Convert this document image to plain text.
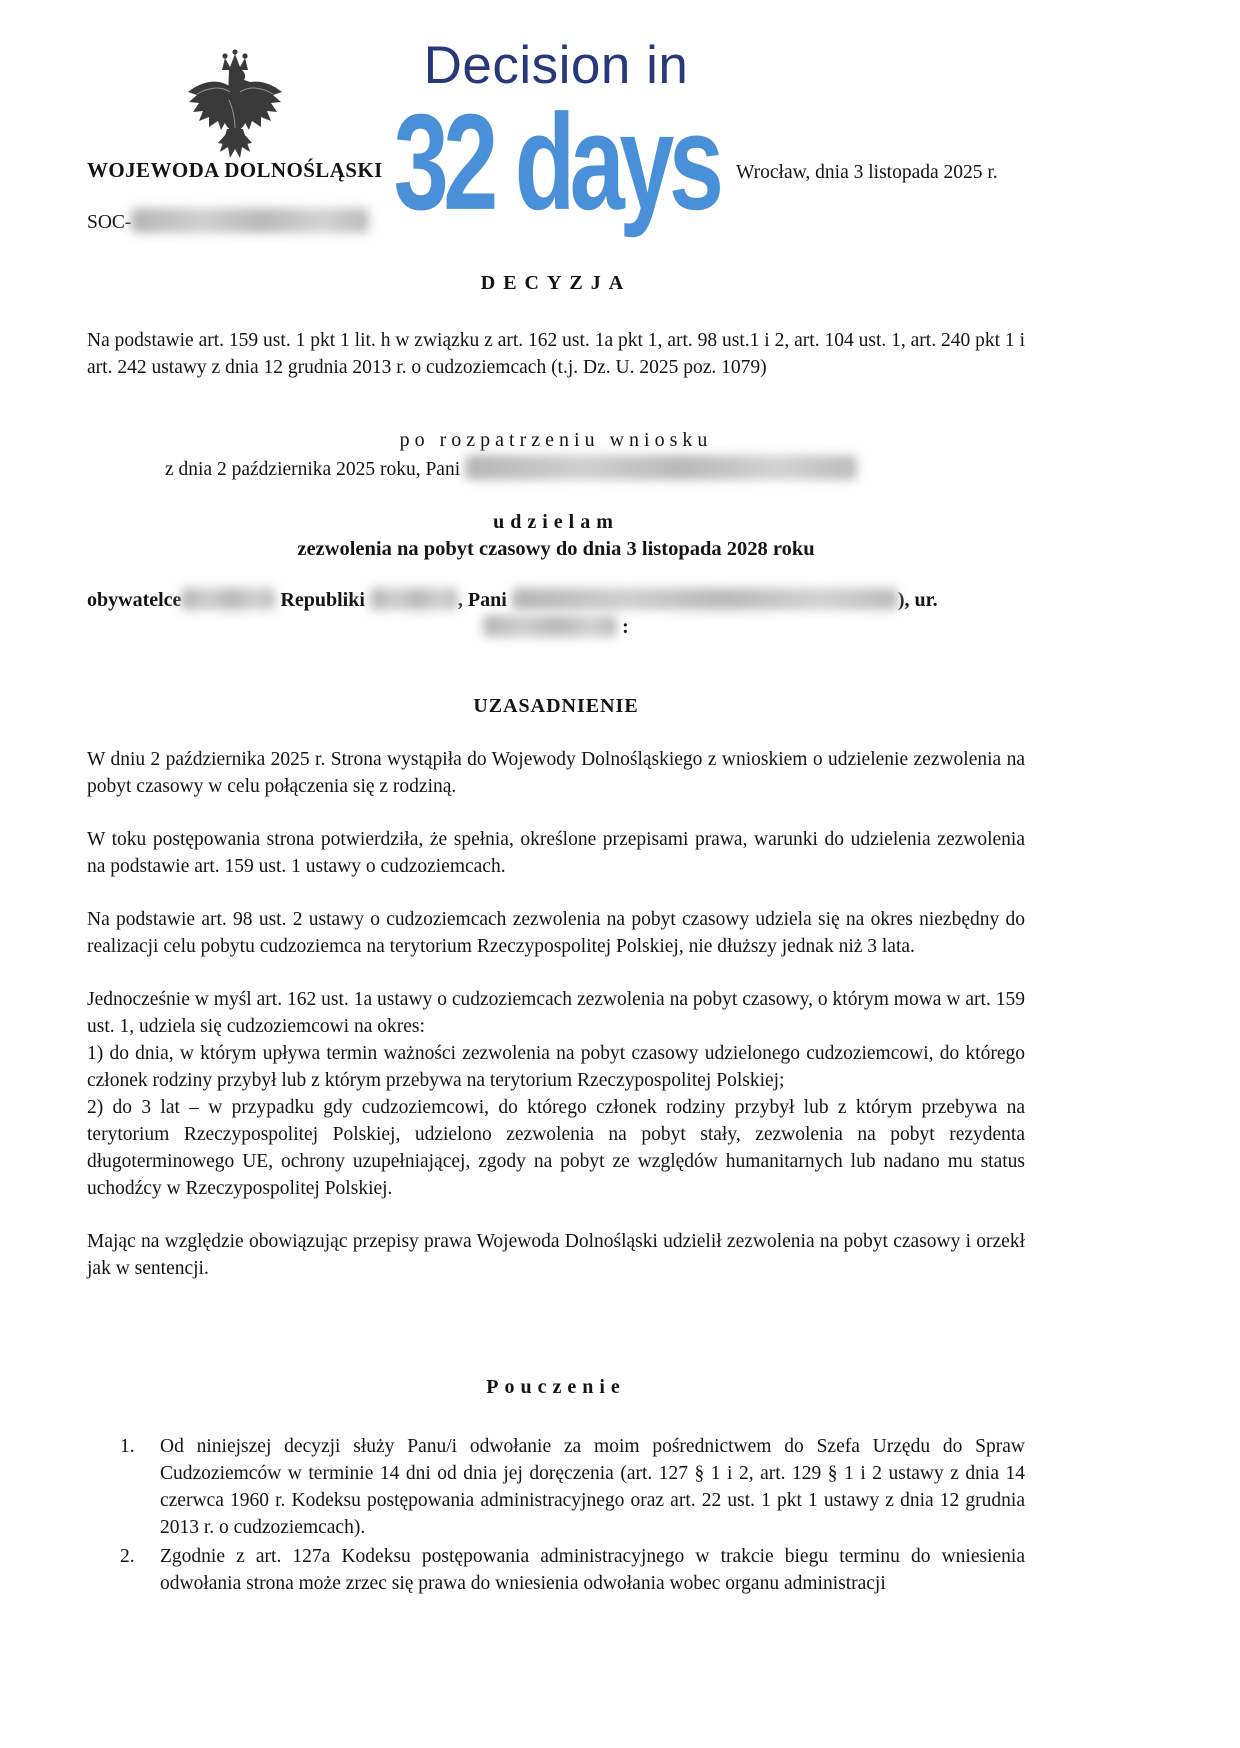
WOJEWODA DOLNOŚLĄSKI	Wrocław, dnia 3 listopada 2025 r.
Decision in
32 days
SOC-
DECYZJA

Na podstawie art. 159 ust. 1 pkt 1 lit. h w związku z art. 162 ust. 1a pkt 1, art. 98 ust.1 i 2, art. 104 ust. 1, art. 240 pkt 1 i art. 242 ustawy z dnia 12 grudnia 2013 r. o cudzoziemcach (t.j. Dz. U. 2025 poz. 1079)

po rozpatrzeniu wniosku
z dnia 2 października 2025 roku, Pani
udzielam
zezwolenia na pobyt czasowy do dnia 3 listopada 2028 roku
obywatelce	Republiki	, Pani	), ur.
:
UZASADNIENIE

W dniu 2 października 2025 r. Strona wystąpiła do Wojewody Dolnośląskiego z wnioskiem o udzielenie zezwolenia na pobyt czasowy w celu połączenia się z rodziną.

W toku postępowania strona potwierdziła, że spełnia, określone przepisami prawa, warunki do udzielenia zezwolenia na podstawie art. 159 ust. 1 ustawy o cudzoziemcach.

Na podstawie art. 98 ust. 2 ustawy o cudzoziemcach zezwolenia na pobyt czasowy udziela się na okres niezbędny do realizacji celu pobytu cudzoziemca na terytorium Rzeczypospolitej Polskiej, nie dłuższy jednak niż 3 lata.

Jednocześnie w myśl art. 162 ust. 1a ustawy o cudzoziemcach zezwolenia na pobyt czasowy, o którym mowa w art. 159 ust. 1, udziela się cudzoziemcowi na okres:

1) do dnia, w którym upływa termin ważności zezwolenia na pobyt czasowy udzielonego cudzoziemcowi, do którego członek rodziny przybył lub z którym przebywa na terytorium Rzeczypospolitej Polskiej;

2) do 3 lat – w przypadku gdy cudzoziemcowi, do którego członek rodziny przybył lub z którym przebywa na terytorium Rzeczypospolitej Polskiej, udzielono zezwolenia na pobyt stały, zezwolenia na pobyt rezydenta długoterminowego UE, ochrony uzupełniającej, zgody na pobyt ze względów humanitarnych lub nadano mu status uchodźcy w Rzeczypospolitej Polskiej.

Mając na względzie obowiązując przepisy prawa Wojewoda Dolnośląski udzielił zezwolenia na pobyt czasowy i orzekł jak w sentencji.

Pouczenie
1.	Od niniejszej decyzji służy Panu/i odwołanie za moim pośrednictwem do Szefa Urzędu do Spraw Cudzoziemców w terminie 14 dni od dnia jej doręczenia (art. 127 § 1 i 2, art. 129 § 1 i 2 ustawy z dnia 14 czerwca 1960 r. Kodeksu postępowania administracyjnego oraz art. 22 ust. 1 pkt 1 ustawy z dnia 12 grudnia 2013 r. o cudzoziemcach).

2.	Zgodnie z art. 127a Kodeksu postępowania administracyjnego w trakcie biegu terminu do wniesienia odwołania strona może zrzec się prawa do wniesienia odwołania wobec organu administracji
